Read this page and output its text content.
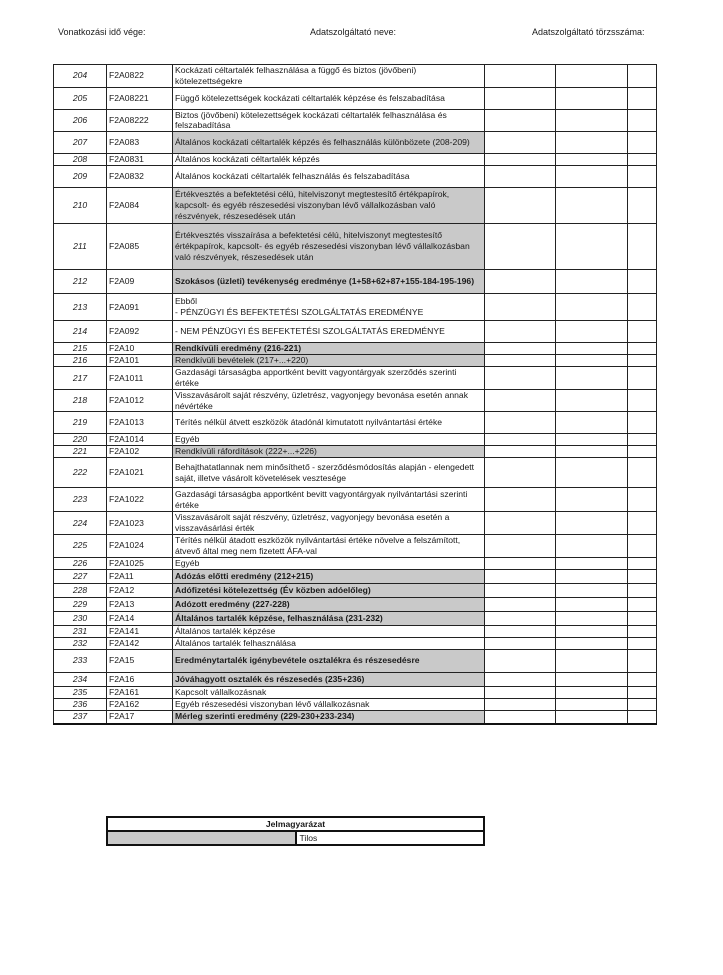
Vonatkozási idő vége:	Adatszolgáltató neve:	Adatszolgáltató törzsszáma:
204	F2A0822	Kockázati céltartalék felhasználása a függő és biztos (jövőbeni) kötelezettségekre			

205	F2A08221	Függő kötelezettségek kockázati céltartalék képzése és felszabadítása			

206	F2A08222	Biztos (jövőbeni) kötelezettségek kockázati céltartalék felhasználása és felszabadítása			

207	F2A083	Általános kockázati céltartalék képzés és felhasználás különbözete (208-209)			

208	F2A0831	Általános kockázati céltartalék képzés			

209	F2A0832	Általános kockázati céltartalék felhasználás és felszabadítása			

210	F2A084	Értékvesztés a befektetési célú, hitelviszonyt megtestesítő értékpapírok, kapcsolt- és egyéb részesedési viszonyban lévő vállalkozásban való részvények, részesedések után			

211	F2A085	Értékvesztés visszaírása a befektetési célú, hitelviszonyt megtestesítő értékpapírok, kapcsolt- és egyéb részesedési viszonyban lévő vállalkozásban való részvények, részesedések után			

212	F2A09	Szokásos (üzleti) tevékenység eredménye (1+58+62+87+155-184-195-196)			

213	F2A091	Ebből
- PÉNZÜGYI ÉS BEFEKTETÉSI SZOLGÁLTATÁS EREDMÉNYE			

214	F2A092	- NEM PÉNZÜGYI ÉS BEFEKTETÉSI SZOLGÁLTATÁS EREDMÉNYE			

215	F2A10	Rendkívüli eredmény (216-221)			

216	F2A101	Rendkívüli bevételek (217+...+220)			

217	F2A1011	Gazdasági társaságba apportként bevitt vagyontárgyak szerződés szerinti értéke			

218	F2A1012	Visszavásárolt saját részvény, üzletrész, vagyonjegy bevonása esetén annak névértéke			

219	F2A1013	Térítés nélkül átvett eszközök átadónál kimutatott nyilvántartási értéke			

220	F2A1014	Egyéb			

221	F2A102	Rendkívüli ráfordítások (222+...+226)			

222	F2A1021	Behajthatatlannak nem minősíthető - szerződésmódosítás alapján - elengedett saját, illetve vásárolt követelések vesztesége			

223	F2A1022	Gazdasági társaságba apportként bevitt vagyontárgyak nyilvántartási szerinti értéke			

224	F2A1023	Visszavásárolt saját részvény, üzletrész, vagyonjegy bevonása esetén a visszavásárlási érték			

225	F2A1024	Térítés nélkül átadott eszközök nyilvántartási értéke növelve a felszámított, átvevő által meg nem fizetett ÁFA-val			

226	F2A1025	Egyéb			

227	F2A11	Adózás előtti eredmény (212+215)			

228	F2A12	Adófizetési kötelezettség (Év közben adóelőleg)			

229	F2A13	Adózott eredmény (227-228)			

230	F2A14	Általános tartalék képzése, felhasználása (231-232)			

231	F2A141	Általános tartalék képzése			

232	F2A142	Általános tartalék felhasználása			

233	F2A15	Eredménytartalék igénybevétele osztalékra és részesedésre			

234	F2A16	Jóváhagyott osztalék és részesedés (235+236)			

235	F2A161	Kapcsolt vállalkozásnak			

236	F2A162	Egyéb részesedési viszonyban lévő vállalkozásnak			

237	F2A17	Mérleg szerinti eredmény (229-230+233-234)			

Jelmagyarázat
	Tilos
